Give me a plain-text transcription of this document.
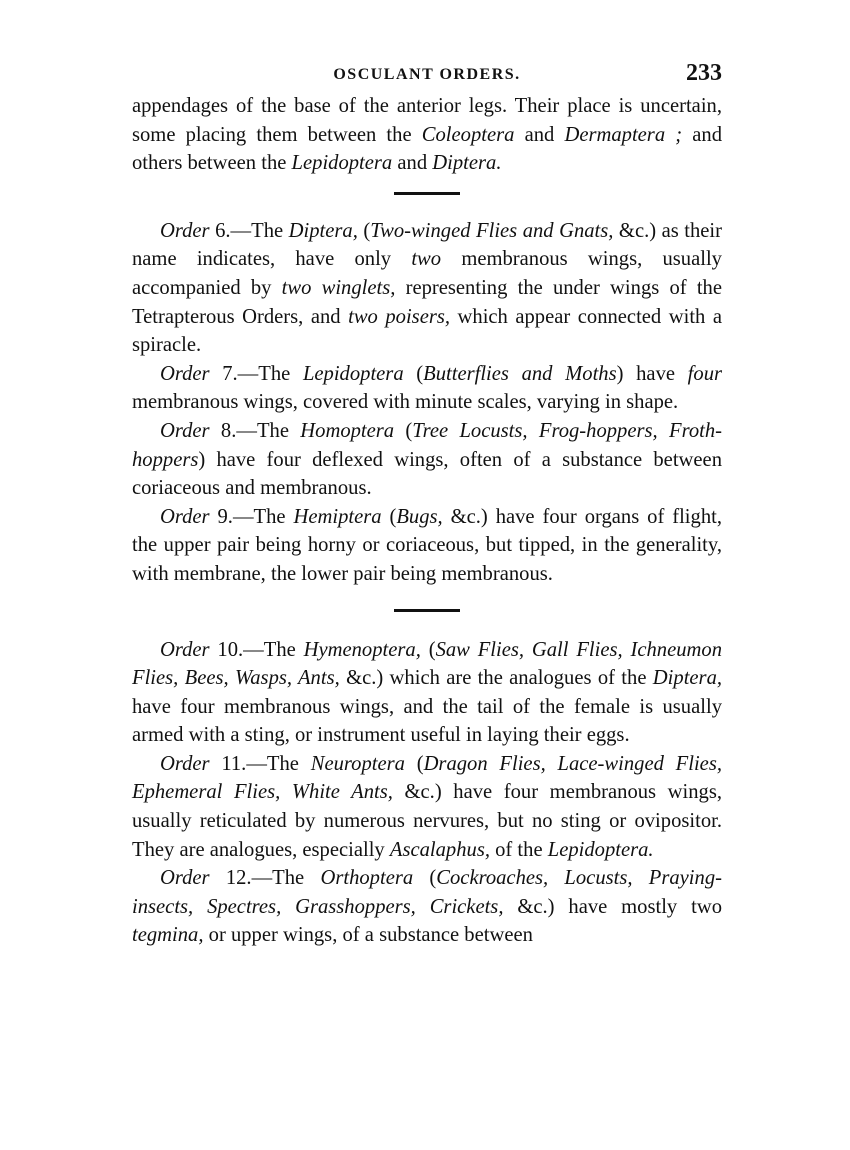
OSCULANT ORDERS.	233

appendages of the base of the anterior legs. Their place is uncertain, some placing them between the Coleoptera and Dermaptera ; and others between the Lepidoptera and Diptera.

Order 6.—The Diptera, (Two-winged Flies and Gnats, &c.) as their name indicates, have only two membranous wings, usually accompanied by two winglets, representing the under wings of the Tetrapterous Orders, and two poisers, which appear connected with a spiracle.

Order 7.—The Lepidoptera (Butterflies and Moths) have four membranous wings, covered with minute scales, varying in shape.

Order 8.—The Homoptera (Tree Locusts, Frog-hoppers, Froth-hoppers) have four deflexed wings, often of a substance between coriaceous and membranous.

Order 9.—The Hemiptera (Bugs, &c.) have four organs of flight, the upper pair being horny or coriaceous, but tipped, in the generality, with membrane, the lower pair being membranous.

Order 10.—The Hymenoptera, (Saw Flies, Gall Flies, Ichneumon Flies, Bees, Wasps, Ants, &c.) which are the analogues of the Diptera, have four membranous wings, and the tail of the female is usually armed with a sting, or instrument useful in laying their eggs.

Order 11.—The Neuroptera (Dragon Flies, Lace-winged Flies, Ephemeral Flies, White Ants, &c.) have four membranous wings, usually reticulated by numerous nervures, but no sting or ovipositor. They are analogues, especially Ascalaphus, of the Lepidoptera.

Order 12.—The Orthoptera (Cockroaches, Locusts, Praying-insects, Spectres, Grasshoppers, Crickets, &c.) have mostly two tegmina, or upper wings, of a substance between
